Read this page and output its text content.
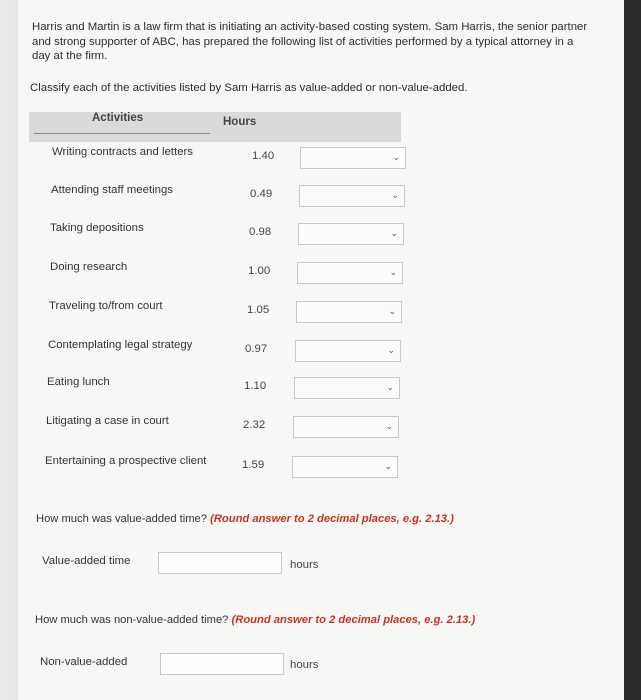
Harris and Martin is a law firm that is initiating an activity-based costing system. Sam Harris, the senior partner and strong supporter of ABC, has prepared the following list of activities performed by a typical attorney in a day at the firm.
Classify each of the activities listed by Sam Harris as value-added or non-value-added.
Activities	Hours
Writing contracts and letters	1.40	⌄
Attending staff meetings	0.49	⌄
Taking depositions	0.98	⌄
Doing research	1.00	⌄
Traveling to/from court	1.05	⌄
Contemplating legal strategy	0.97	⌄
Eating lunch	1.10	⌄
Litigating a case in court	2.32	⌄
Entertaining a prospective client	1.59	⌄
How much was value-added time? (Round answer to 2 decimal places, e.g. 2.13.)
Value-added time	hours
How much was non-value-added time? (Round answer to 2 decimal places, e.g. 2.13.)
Non-value-added	hours
